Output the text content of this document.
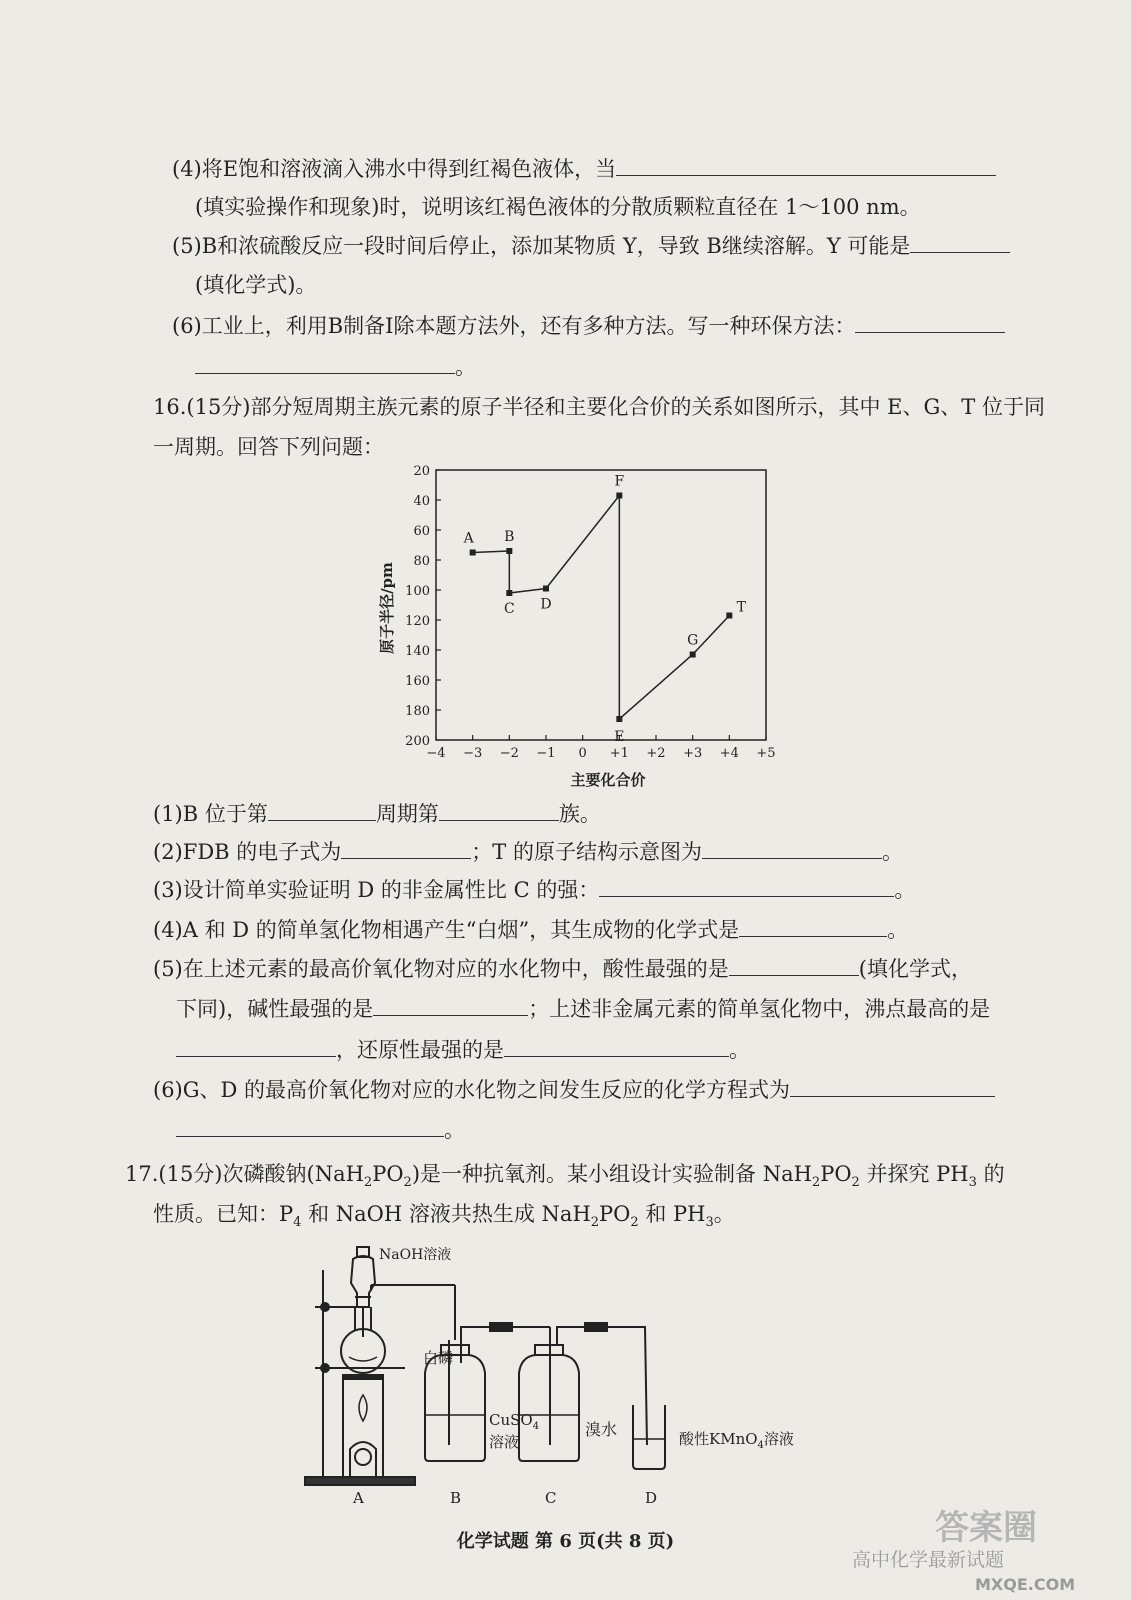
(4)将E饱和溶液滴入沸水中得到红褐色液体，当
(填实验操作和现象)时，说明该红褐色液体的分散质颗粒直径在 1～100 nm。
(5)B和浓硫酸反应一段时间后停止，添加某物质 Y，导致 B继续溶解。Y 可能是
(填化学式)。
(6)工业上，利用B制备Ⅰ除本题方法外，还有多种方法。写一种环保方法：
。
16.(15分)部分短周期主族元素的原子半径和主要化合价的关系如图所示，其中 E、G、T 位于同
一周期。回答下列问题：
−4 −3 −2 −1 0 +1 +2 +3 +4 +5
20
40
60
80
100
120
140
160
180
200
A B
C D
F
E
G
T
原子半径/pm
主要化合价
(1)B 位于第	周期第	族。
(2)FDB 的电子式为	；T 的原子结构示意图为	。
(3)设计简单实验证明 D 的非金属性比 C 的强：	。
(4)A 和 D 的简单氢化物相遇产生“白烟”，其生成物的化学式是	。
(5)在上述元素的最高价氧化物对应的水化物中，酸性最强的是	(填化学式，
下同)，碱性最强的是	；上述非金属元素的简单氢化物中，沸点最高的是
，还原性最强的是	。
(6)G、D 的最高价氧化物对应的水化物之间发生反应的化学方程式为
。
17.(15分)次磷酸钠$(NaH_2PO_2)$是一种抗氧剂。某小组设计实验制备 $NaH_2PO_2$ 并探究 $PH_3$ 的
性质。已知：$P_4$ 和 NaOH 溶液共热生成 $NaH_2PO_2$ 和 $PH_3$。
NaOH溶液
白磷
CuSO$_4$
溶液
溴水	酸性KMnO$_4$溶液
A	B	C	D
化学试题 第 6 页(共 8 页)
高中化学最新试题
答案圈
MXQE.COM
